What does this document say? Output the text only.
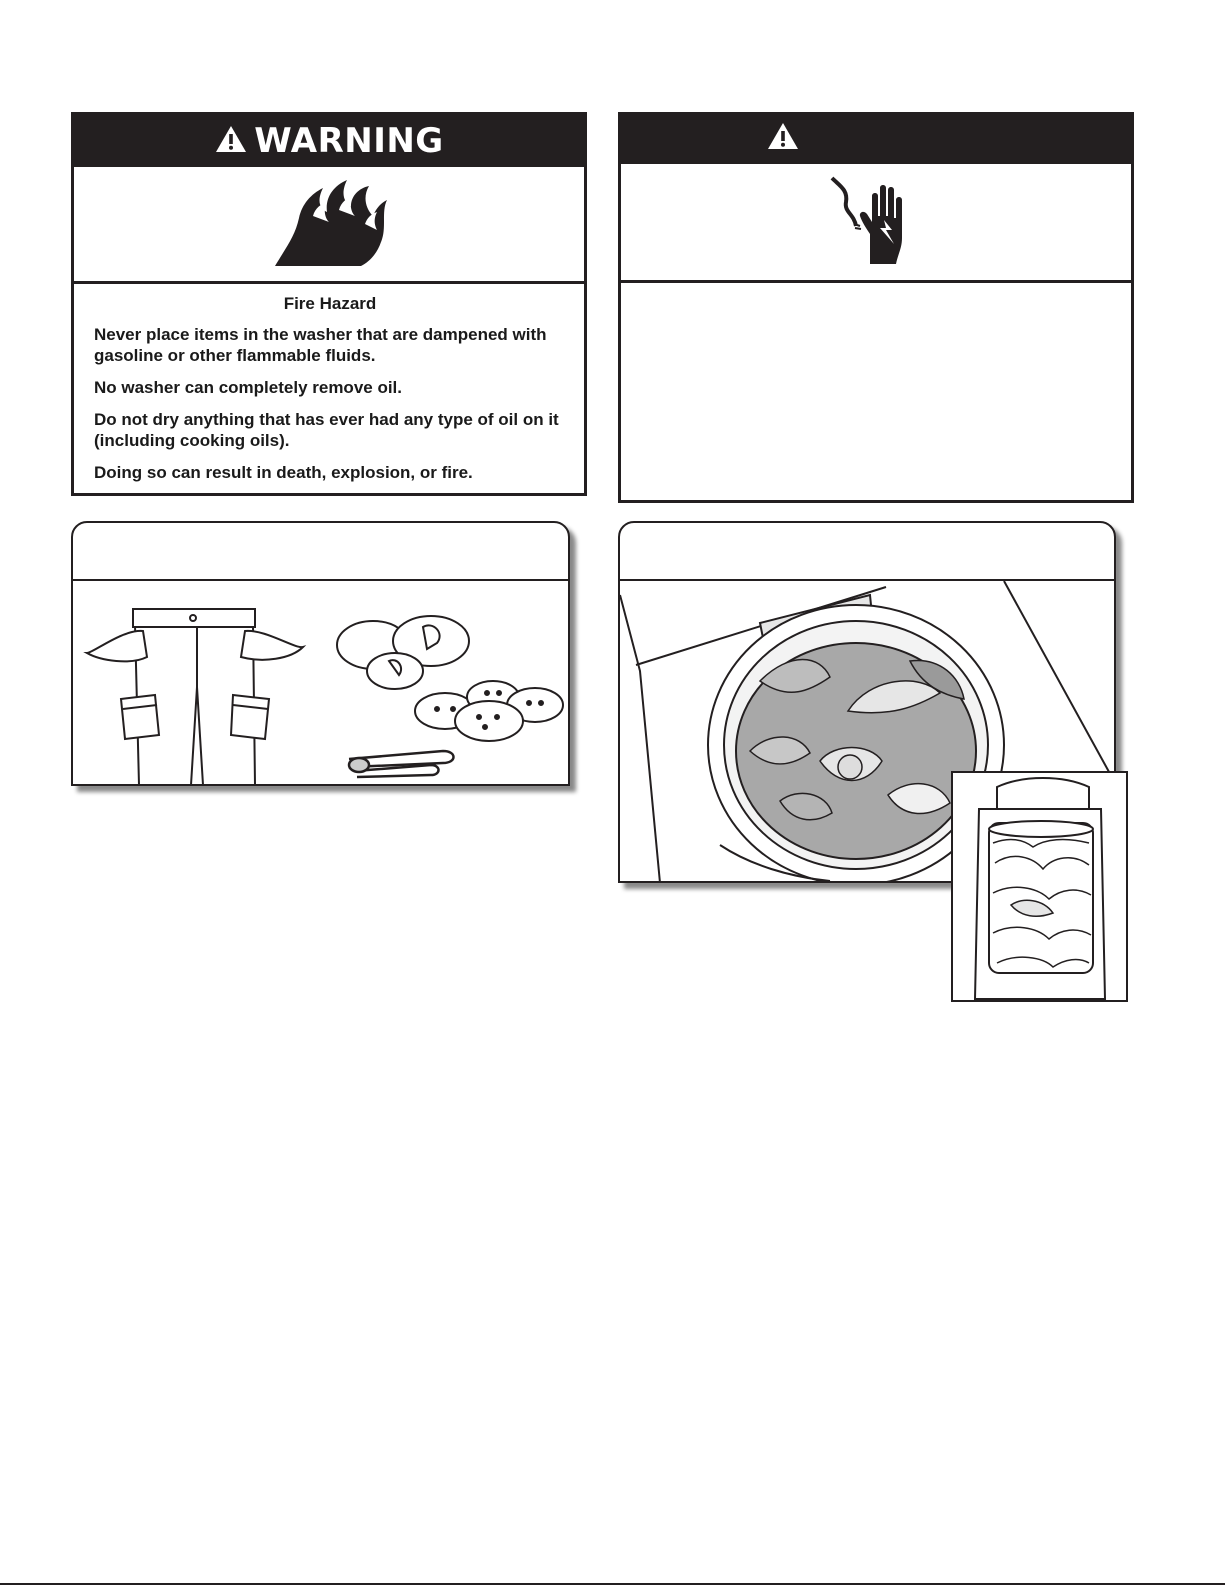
WARNING
Fire Hazard

Never place items in the washer that are dampened with gasoline or other flammable fluids.

No washer can completely remove oil.

Do not dry anything that has ever had any type of oil on it (including cooking oils).

Doing so can result in death, explosion, or fire.
